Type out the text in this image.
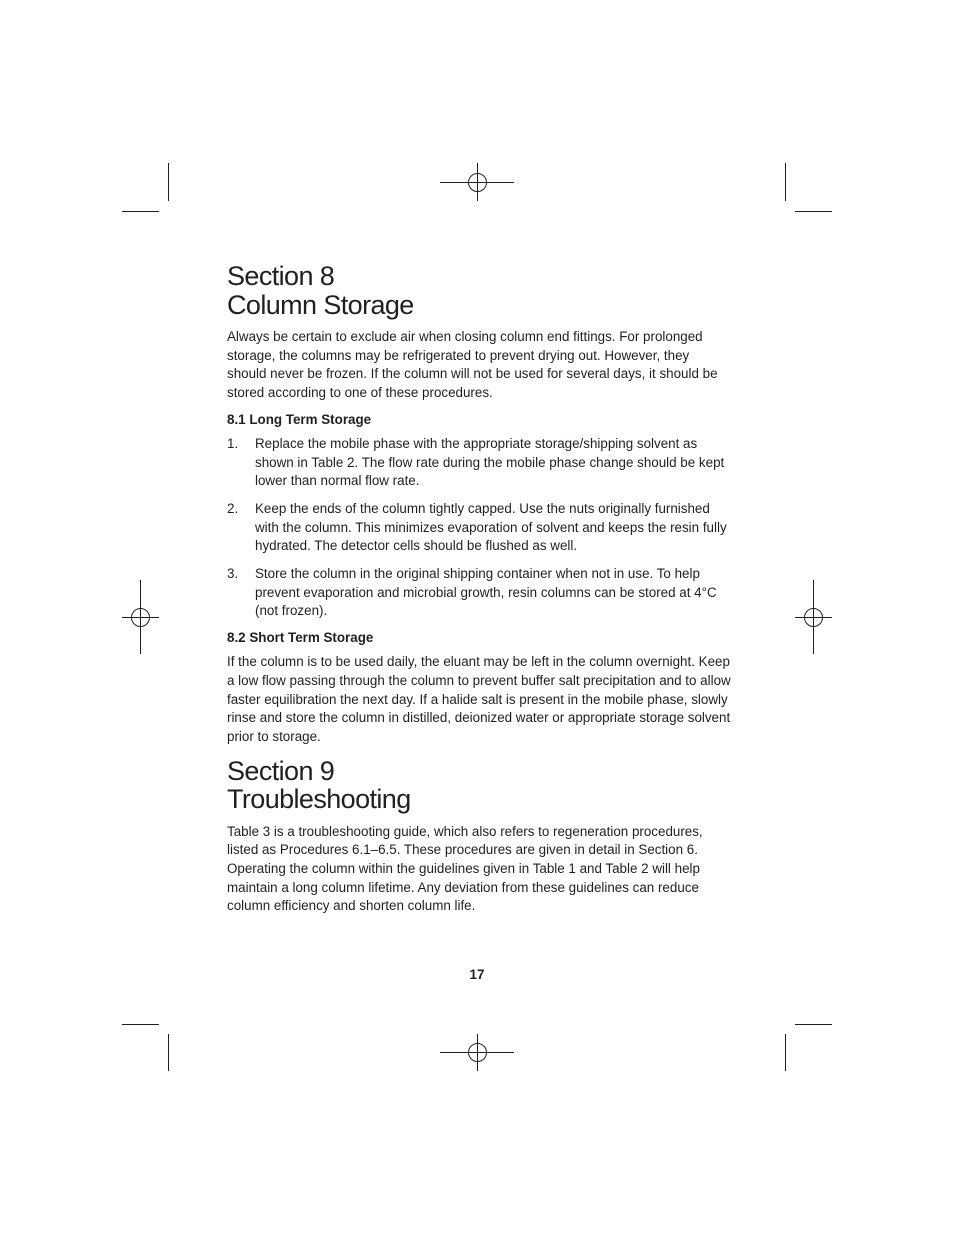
Section 8
Column Storage

Always be certain to exclude air when closing column end fittings. For prolonged storage, the columns may be refrigerated to prevent drying out. However, they should never be frozen. If the column will not be used for several days, it should be stored according to one of these procedures.

8.1 Long Term Storage
1.	Replace the mobile phase with the appropriate storage/shipping solvent as shown in Table 2. The flow rate during the mobile phase change should be kept lower than normal flow rate.
2.	Keep the ends of the column tightly capped. Use the nuts originally furnished with the column. This minimizes evaporation of solvent and keeps the resin fully hydrated. The detector cells should be flushed as well.
3.	Store the column in the original shipping container when not in use. To help prevent evaporation and microbial growth, resin columns can be stored at 4°C (not frozen).
8.2 Short Term Storage

If the column is to be used daily, the eluant may be left in the column overnight. Keep a low flow passing through the column to prevent buffer salt precipitation and to allow faster equilibration the next day. If a halide salt is present in the mobile phase, slowly rinse and store the column in distilled, deionized water or appropriate storage solvent prior to storage.

Section 9
Troubleshooting

Table 3 is a troubleshooting guide, which also refers to regeneration procedures, listed as Procedures 6.1–6.5. These procedures are given in detail in Section 6. Operating the column within the guidelines given in Table 1 and Table 2 will help maintain a long column lifetime. Any deviation from these guidelines can reduce column efficiency and shorten column life.

17
